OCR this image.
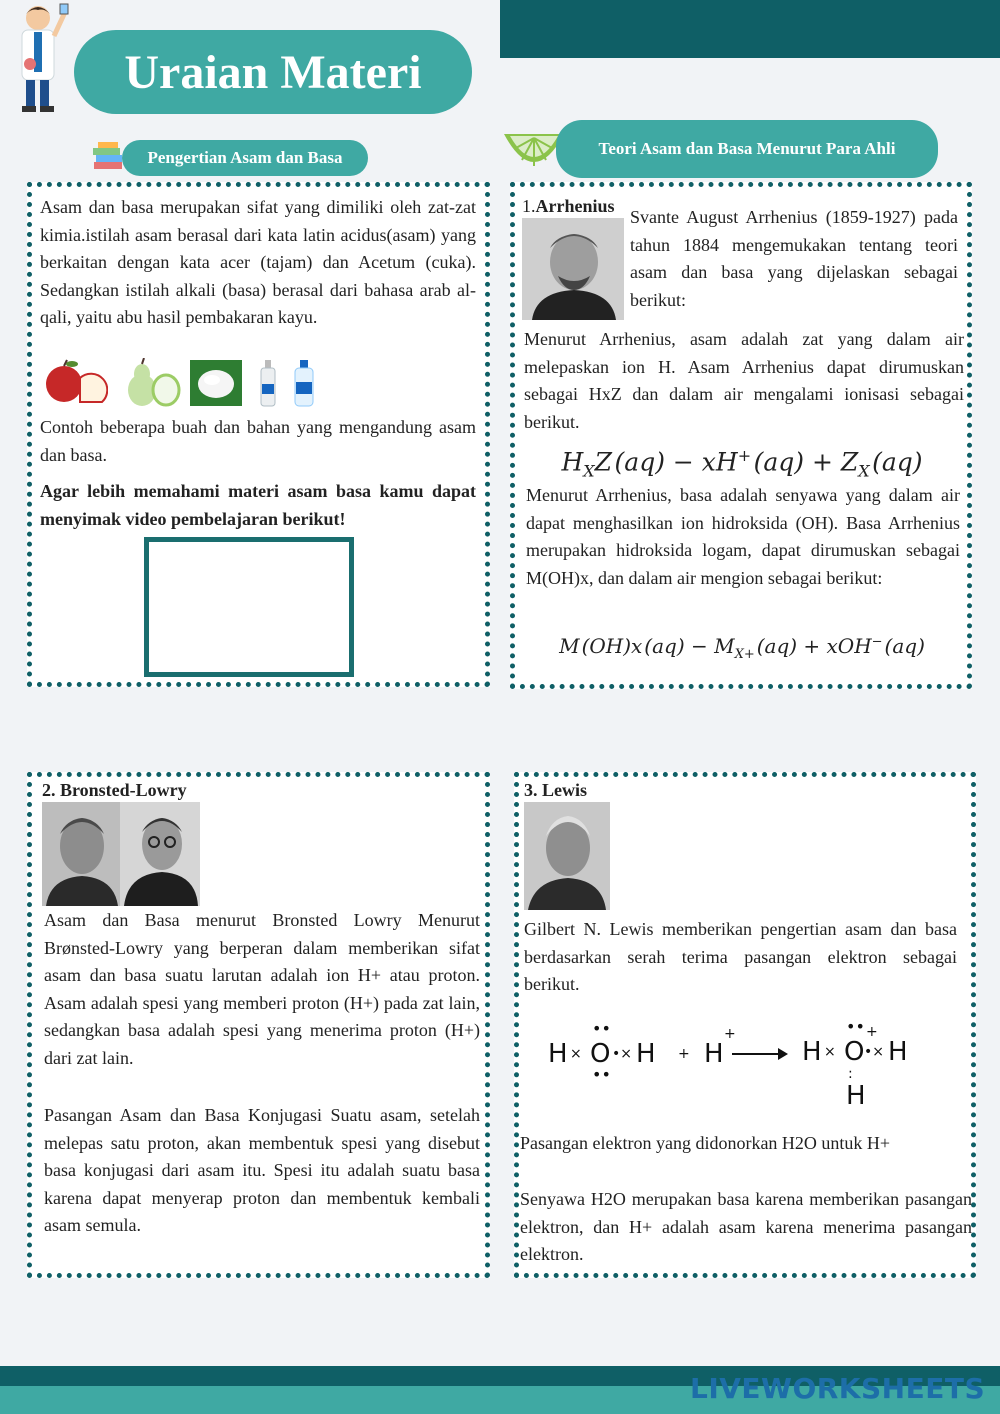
Uraian Materi
Pengertian Asam dan Basa	Teori Asam dan Basa Menurut Para Ahli
Asam dan basa merupakan sifat yang dimiliki oleh zat-zat kimia.istilah asam berasal dari kata latin acidus(asam) yang berkaitan dengan kata acer (tajam) dan Acetum (cuka). Sedangkan istilah alkali (basa) berasal dari bahasa arab al-qali, yaitu abu hasil pembakaran kayu.
Contoh beberapa buah dan bahan yang mengandung asam dan basa.
Agar lebih memahami materi asam basa kamu dapat menyimak video pembelajaran berikut!
1.Arrhenius
Svante August Arrhenius (1859-1927) pada tahun 1884 mengemukakan tentang teori asam dan basa yang dijelaskan sebagai berikut:
Menurut Arrhenius, asam adalah zat yang dalam air melepaskan ion H. Asam Arrhenius dapat dirumuskan sebagai HxZ dan dalam air mengalami ionisasi sebagai berikut.
$H_XZ$ (aq) − xH+ $(aq) + Z_X$ (aq)
Menurut Arrhenius, basa adalah senyawa yang dalam air dapat menghasilkan ion hidroksida (OH). Basa Arrhenius merupakan hidroksida logam, dapat dirumuskan sebagai M(OH)x, dan dalam air mengion sebagai berikut:
M (OH)x $(aq) - M_{X+}$ (aq) + xOH− (aq)
2. Bronsted-Lowry
Asam dan Basa menurut Bronsted Lowry Menurut Brønsted-Lowry yang berperan dalam memberikan sifat asam dan basa suatu larutan adalah ion H+ atau proton. Asam adalah spesi yang memberi proton (H+) pada zat lain, sedangkan basa adalah spesi yang menerima proton (H+) dari zat lain.
Pasangan Asam dan Basa Konjugasi Suatu asam, setelah melepas satu proton, akan membentuk spesi yang disebut basa konjugasi dari asam itu. Spesi itu adalah suatu basa karena dapat menyerap proton dan membentuk kembali asam semula.
3. Lewis
Gilbert N. Lewis memberikan pengertian asam dan basa berdasarkan serah terima pasangan elektron sebagai berikut.
H × O
••
••
•× H + H
+
H × O
•• +
•× H
:
H
Pasangan elektron yang didonorkan H2O untuk H+
Senyawa H2O merupakan basa karena memberikan pasangan elektron, dan H+ adalah asam karena menerima pasangan elektron.
LIVEWORKSHEETS
